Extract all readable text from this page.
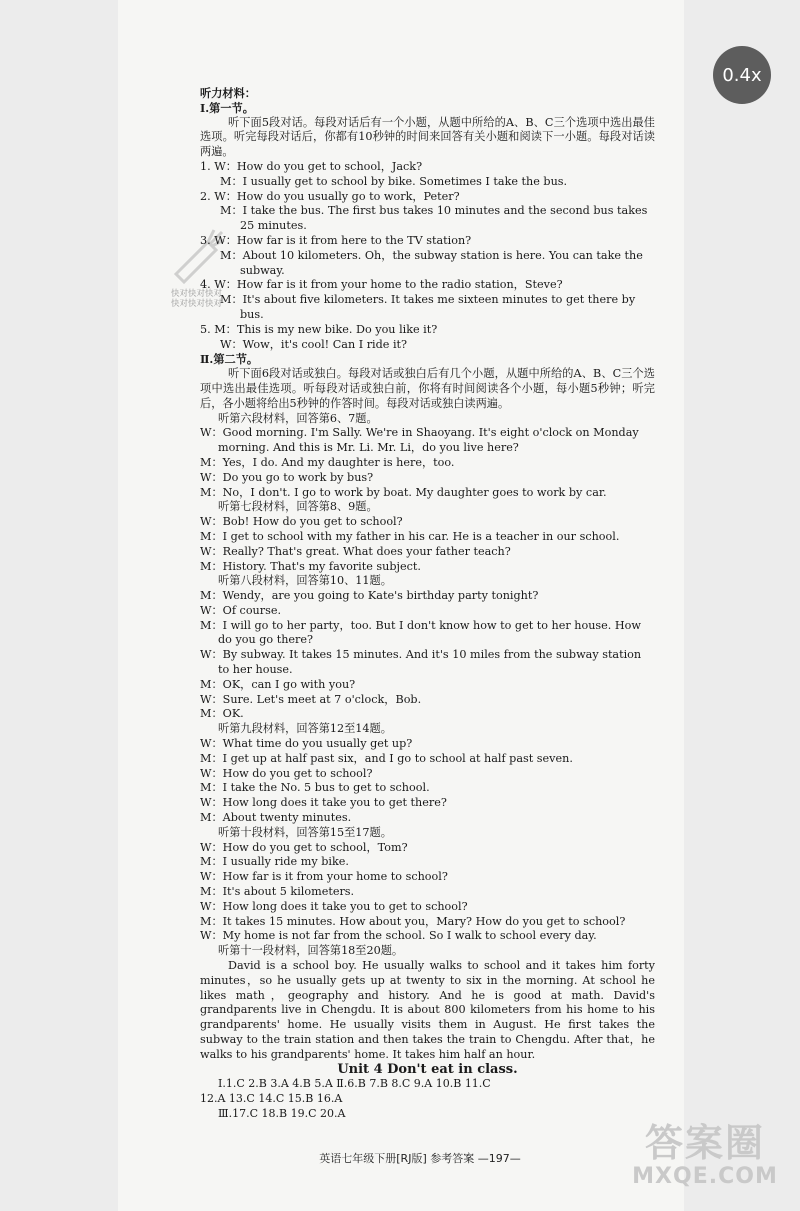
0.4x
快对快对快对
快对快对快对

听力材料：

Ⅰ.第一节。

听下面5段对话。每段对话后有一个小题，从题中所给的A、B、C三个选项中选出最佳选项。听完每段对话后，你都有10秒钟的时间来回答有关小题和阅读下一小题。每段对话读两遍。

1. W：How do you get to school，Jack?

M：I usually get to school by bike. Sometimes I take the bus.

2. W：How do you usually go to work，Peter?

M：I take the bus. The first bus takes 10 minutes and the second bus takes 25 minutes.

3. W：How far is it from here to the TV station?

M：About 10 kilometers. Oh，the subway station is here. You can take the subway.

4. W：How far is it from your home to the radio station，Steve?

M：It's about five kilometers. It takes me sixteen minutes to get there by bus.

5. M：This is my new bike. Do you like it?

W：Wow，it's cool! Can I ride it?

Ⅱ.第二节。

听下面6段对话或独白。每段对话或独白后有几个小题，从题中所给的A、B、C三个选项中选出最佳选项。听每段对话或独白前，你将有时间阅读各个小题，每小题5秒钟；听完后，各小题将给出5秒钟的作答时间。每段对话或独白读两遍。

听第六段材料，回答第6、7题。

W：Good morning. I'm Sally. We're in Shaoyang. It's eight o'clock on Monday morning. And this is Mr. Li. Mr. Li，do you live here?

M：Yes，I do. And my daughter is here，too.

W：Do you go to work by bus?

M：No，I don't. I go to work by boat. My daughter goes to work by car.

听第七段材料，回答第8、9题。

W：Bob! How do you get to school?

M：I get to school with my father in his car. He is a teacher in our school.

W：Really? That's great. What does your father teach?

M：History. That's my favorite subject.

听第八段材料，回答第10、11题。

M：Wendy，are you going to Kate's birthday party tonight?

W：Of course.

M：I will go to her party，too. But I don't know how to get to her house. How do you go there?

W：By subway. It takes 15 minutes. And it's 10 miles from the subway station to her house.

M：OK，can I go with you?

W：Sure. Let's meet at 7 o'clock，Bob.

M：OK.

听第九段材料，回答第12至14题。

W：What time do you usually get up?

M：I get up at half past six，and I go to school at half past seven.

W：How do you get to school?

M：I take the No. 5 bus to get to school.

W：How long does it take you to get there?

M：About twenty minutes.

听第十段材料，回答第15至17题。

W：How do you get to school，Tom?

M：I usually ride my bike.

W：How far is it from your home to school?

M：It's about 5 kilometers.

W：How long does it take you to get to school?

M：It takes 15 minutes. How about you，Mary? How do you get to school?

W：My home is not far from the school. So I walk to school every day.

听第十一段材料，回答第18至20题。

David is a school boy. He usually walks to school and it takes him forty minutes，so he usually gets up at twenty to six in the morning. At school he likes math，geography and history. And he is good at math. David's grandparents live in Chengdu. It is about 800 kilometers from his home to his grandparents' home. He usually visits them in August. He first takes the subway to the train station and then takes the train to Chengdu. After that，he walks to his grandparents' home. It takes him half an hour.

Unit 4 Don't eat in class.

Ⅰ.1.C 2.B 3.A 4.B 5.A Ⅱ.6.B 7.B 8.C 9.A 10.B 11.C

12.A 13.C 14.C 15.B 16.A

Ⅲ.17.C 18.B 19.C 20.A

英语七年级下册[RJ版] 参考答案 —197—	答案圈
MXQE.COM
